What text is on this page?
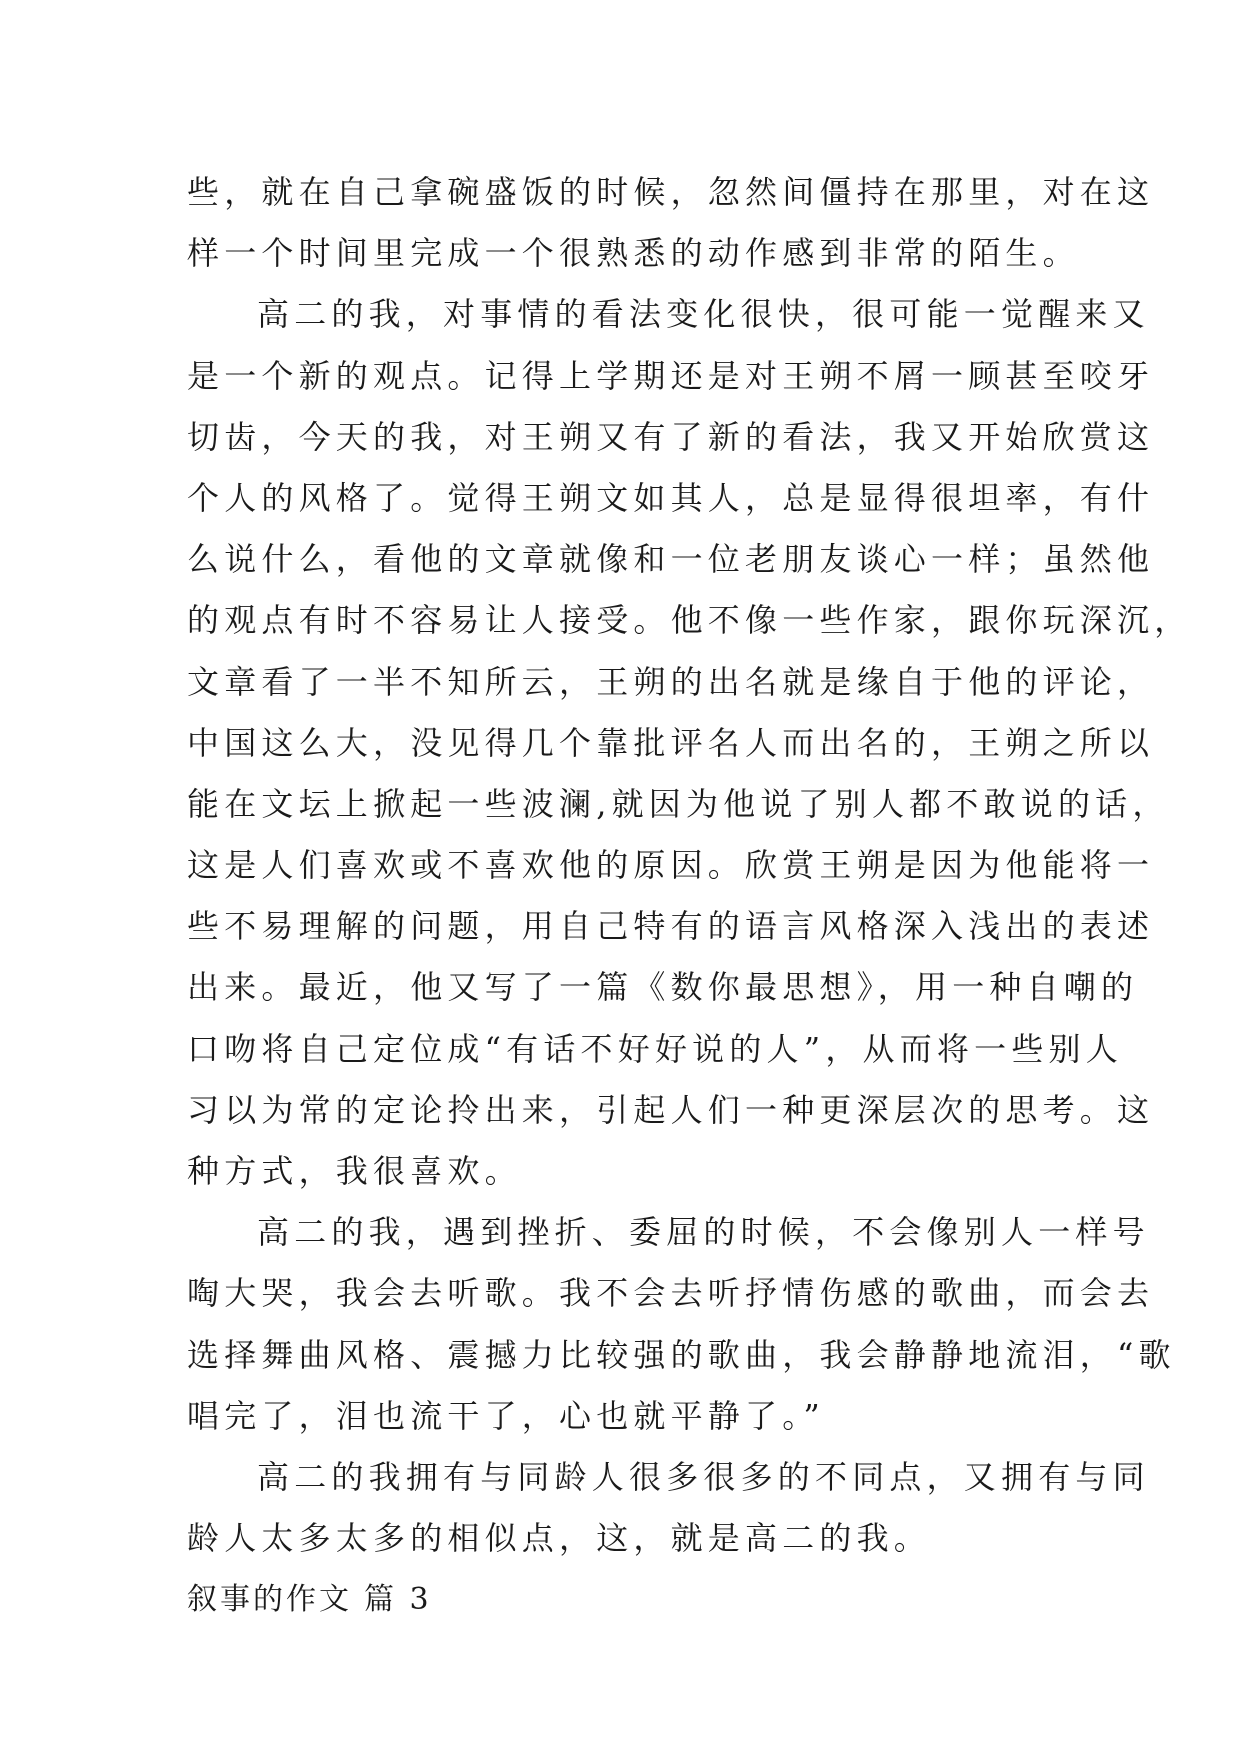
些，就在自己拿碗盛饭的时候，忽然间僵持在那里，对在这
样一个时间里完成一个很熟悉的动作感到非常的陌生。
高二的我，对事情的看法变化很快，很可能一觉醒来又
是一个新的观点。记得上学期还是对王朔不屑一顾甚至咬牙
切齿，今天的我，对王朔又有了新的看法，我又开始欣赏这
个人的风格了。觉得王朔文如其人，总是显得很坦率，有什
么说什么，看他的文章就像和一位老朋友谈心一样；虽然他
的观点有时不容易让人接受。他不像一些作家，跟你玩深沉，
文章看了一半不知所云，王朔的出名就是缘自于他的评论，
中国这么大，没见得几个靠批评名人而出名的，王朔之所以
能在文坛上掀起一些波澜,就因为他说了别人都不敢说的话，
这是人们喜欢或不喜欢他的原因。欣赏王朔是因为他能将一
些不易理解的问题，用自己特有的语言风格深入浅出的表述
出来。最近，他又写了一篇《数你最思想》，用一种自嘲的
口吻将自己定位成“有话不好好说的人”，从而将一些别人
习以为常的定论拎出来，引起人们一种更深层次的思考。这
种方式，我很喜欢。
高二的我，遇到挫折、委屈的时候，不会像别人一样号
啕大哭，我会去听歌。我不会去听抒情伤感的歌曲，而会去
选择舞曲风格、震撼力比较强的歌曲，我会静静地流泪，“歌
唱完了，泪也流干了，心也就平静了。”
高二的我拥有与同龄人很多很多的不同点，又拥有与同
龄人太多太多的相似点，这，就是高二的我。
叙事的作文 篇 3
